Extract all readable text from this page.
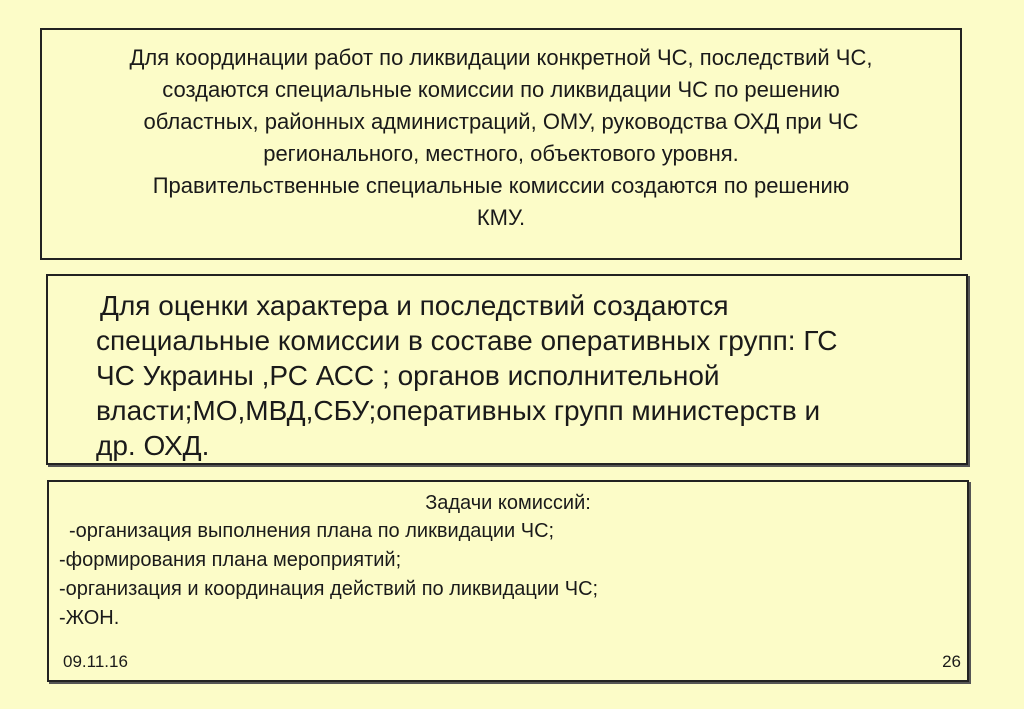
Для координации работ по ликвидации конкретной ЧС, последствий ЧС,

создаются специальные комиссии по ликвидации ЧС по решению

областных, районных администраций, ОМУ, руководства ОХД при ЧС

регионального, местного, объектового уровня.

Правительственные специальные комиссии создаются по решению

КМУ.

Для оценки характера и последствий создаются

специальные комиссии в составе оперативных групп: ГС

ЧС Украины ,РС АСС ; органов исполнительной

власти;МО,МВД,СБУ;оперативных групп министерств и

др. ОХД.

Задачи комиссий:

-организация выполнения плана по ликвидации ЧС;

-формирования плана мероприятий;

-организация и координация действий по ликвидации ЧС;

-ЖОН.

09.11.16	26
